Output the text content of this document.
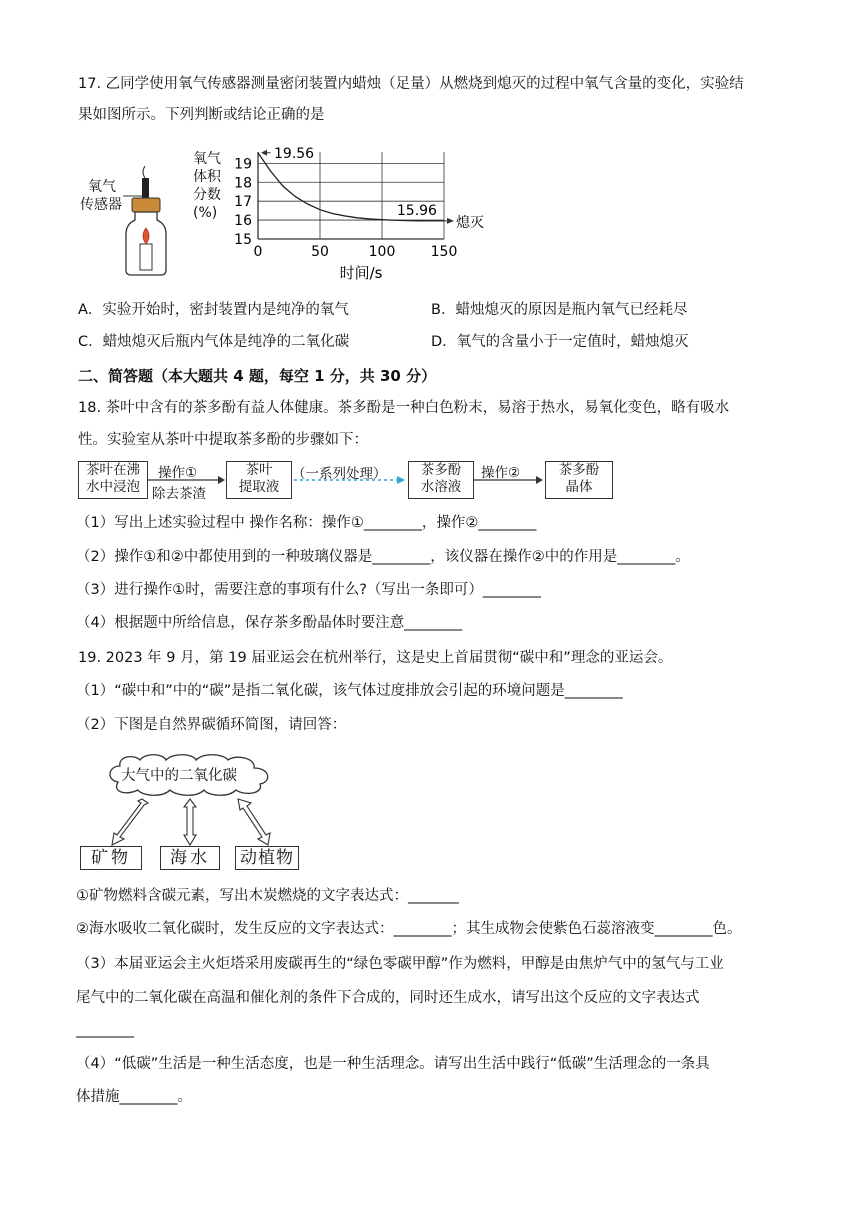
17. 乙同学使用氧气传感器测量密闭装置内蜡烛（足量）从燃烧到熄灭的过程中氧气含量的变化，实验结
果如图所示。下列判断或结论正确的是
氧气
传感器
氧气
体积
分数
(%)
15
16
17
18
19
0	50	100	150
时间/s
19.56
15.96
熄灭
A．实验开始时，密封装置内是纯净的氧气	B．蜡烛熄灭的原因是瓶内氧气已经耗尽
C．蜡烛熄灭后瓶内气体是纯净的二氧化碳	D．氧气的含量小于一定值时，蜡烛熄灭
二、简答题（本大题共 4 题，每空 1 分，共 30 分）
18. 茶叶中含有的茶多酚有益人体健康。茶多酚是一种白色粉末，易溶于热水，易氧化变色，略有吸水
性。实验室从茶叶中提取茶多酚的步骤如下：
茶叶在沸
水中浸泡
操作①
除去茶渣
茶叶
提取液
（一系列处理）	茶多酚
水溶液
操作②	茶多酚
晶体
（1）写出上述实验过程中 操作名称：操作①________，操作②________
（2）操作①和②中都使用到的一种玻璃仪器是________，该仪器在操作②中的作用是________。
（3）进行操作①时，需要注意的事项有什么?（写出一条即可）________
（4）根据题中所给信息，保存茶多酚晶体时要注意________
19. 2023 年 9 月，第 19 届亚运会在杭州举行，这是史上首届贯彻“碳中和”理念的亚运会。
（1）“碳中和”中的“碳”是指二氧化碳，该气体过度排放会引起的环境问题是________
（2）下图是自然界碳循环简图，请回答：
大气中的二氧化碳
矿物	海水	动植物
①矿物燃料含碳元素，写出木炭燃烧的文字表达式：_______
②海水吸收二氧化碳时，发生反应的文字表达式：________；其生成物会使紫色石蕊溶液变________色。
（3）本届亚运会主火炬塔采用废碳再生的“绿色零碳甲醇”作为燃料，甲醇是由焦炉气中的氢气与工业
尾气中的二氧化碳在高温和催化剂的条件下合成的，同时还生成水，请写出这个反应的文字表达式
________
（4）“低碳”生活是一种生活态度，也是一种生活理念。请写出生活中践行“低碳”生活理念的一条具
体措施________。
